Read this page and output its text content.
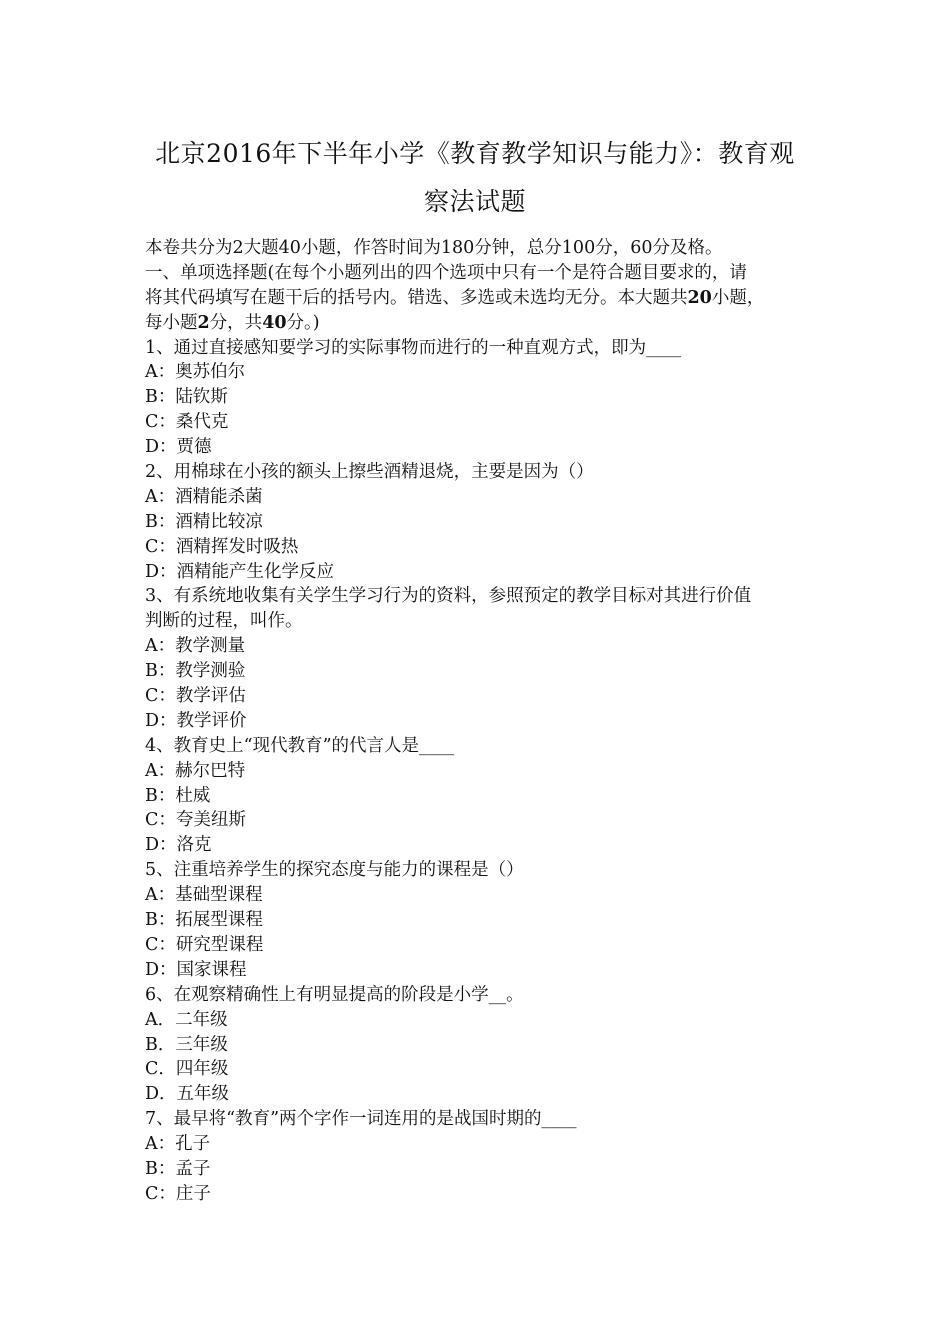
北京2016年下半年小学《教育教学知识与能力》：教育观
察法试题
本卷共分为2大题40小题，作答时间为180分钟，总分100分，60分及格。
一、单项选择题(在每个小题列出的四个选项中只有一个是符合题目要求的，请
将其代码填写在题干后的括号内。错选、多选或未选均无分。本大题共20小题，
每小题2分，共40分。)
1、通过直接感知要学习的实际事物而进行的一种直观方式，即为____
A：奥苏伯尔
B：陆钦斯
C：桑代克
D：贾德
2、用棉球在小孩的额头上擦些酒精退烧，主要是因为（）
A：酒精能杀菌
B：酒精比较凉
C：酒精挥发时吸热
D：酒精能产生化学反应
3、有系统地收集有关学生学习行为的资料，参照预定的教学目标对其进行价值
判断的过程，叫作。
A：教学测量
B：教学测验
C：教学评估
D：教学评价
4、教育史上“现代教育”的代言人是____
A：赫尔巴特
B：杜威
C：夸美纽斯
D：洛克
5、注重培养学生的探究态度与能力的课程是（）
A：基础型课程
B：拓展型课程
C：研究型课程
D：国家课程
6、在观察精确性上有明显提高的阶段是小学__。
A．二年级
B．三年级
C．四年级
D．五年级
7、最早将“教育”两个字作一词连用的是战国时期的____
A：孔子
B：孟子
C：庄子
